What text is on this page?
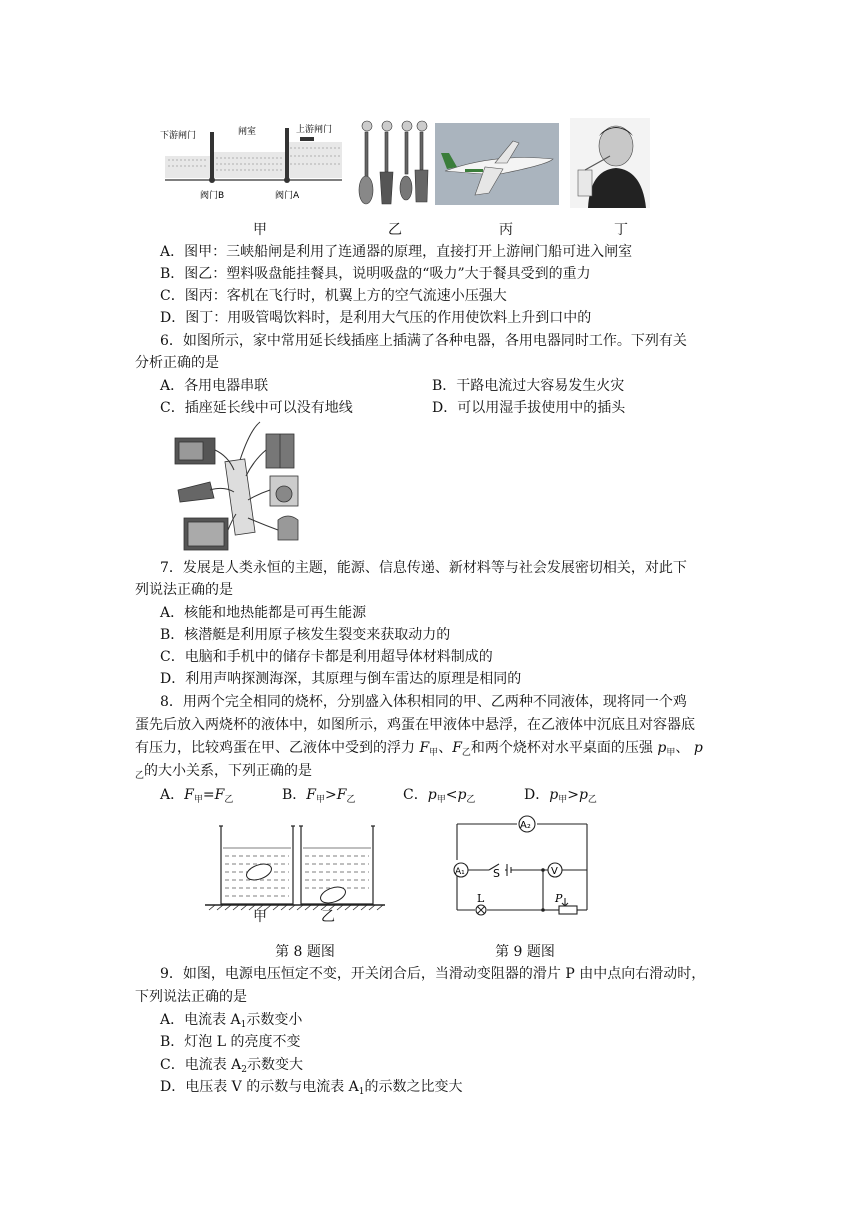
下游闸门	闸室	上游闸门
阀门B	阀门A
甲	乙	丙	丁
A．图甲：三峡船闸是利用了连通器的原理，直接打开上游闸门船可进入闸室
B．图乙：塑料吸盘能挂餐具，说明吸盘的“吸力”大于餐具受到的重力
C．图丙：客机在飞行时，机翼上方的空气流速小压强大
D．图丁：用吸管喝饮料时，是利用大气压的作用使饮料上升到口中的
6．如图所示，家中常用延长线插座上插满了各种电器，各用电器同时工作。下列有关
分析正确的是
A．各用电器串联	B．干路电流过大容易发生火灾
C．插座延长线中可以没有地线	D．可以用湿手拔使用中的插头
7．发展是人类永恒的主题，能源、信息传递、新材料等与社会发展密切相关，对此下
列说法正确的是
A．核能和地热能都是可再生能源
B．核潜艇是利用原子核发生裂变来获取动力的
C．电脑和手机中的储存卡都是利用超导体材料制成的
D．利用声呐探测海深，其原理与倒车雷达的原理是相同的
8．用两个完全相同的烧杯，分别盛入体积相同的甲、乙两种不同液体，现将同一个鸡
蛋先后放入两烧杯的液体中，如图所示，鸡蛋在甲液体中悬浮，在乙液体中沉底且对容器底
有压力，比较鸡蛋在甲、乙液体中受到的浮力 $F_甲$、$F_乙$和两个烧杯对水平桌面的压强 $p_甲$、 p
$_乙$的大小关系，下列正确的是
A．$F_甲=F_乙$	B．$F_甲>F_乙$	C．$p_甲<p_乙$	D．$p_甲>p_乙$
甲	乙
第 8 题图
A₂
A₁	V
S
L	P
第 9 题图
9．如图，电源电压恒定不变，开关闭合后，当滑动变阻器的滑片 P 由中点向右滑动时，
下列说法正确的是
A．电流表 $A_1$示数变小
B．灯泡 L 的亮度不变
C．电流表 $A_2$示数变大
D．电压表 V 的示数与电流表 $A_1$的示数之比变大
